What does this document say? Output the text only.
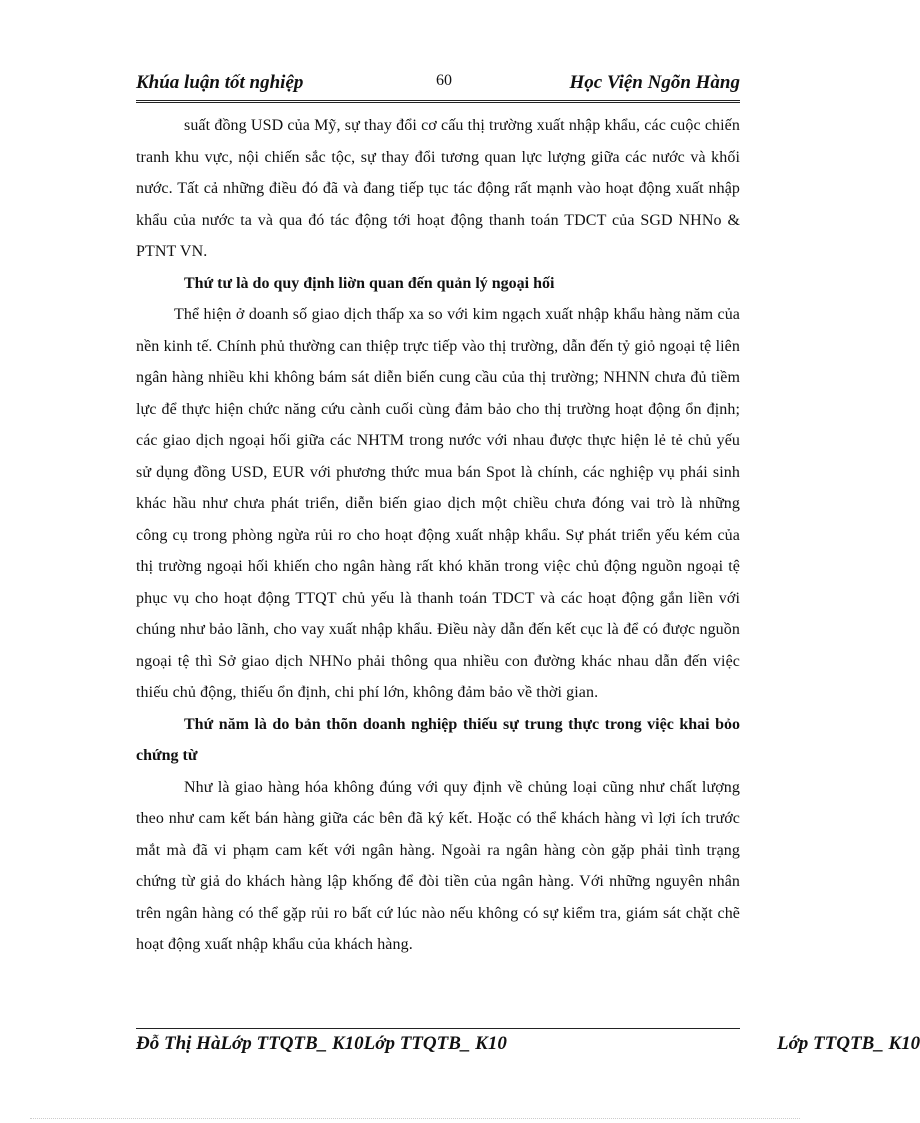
Khúa luận tốt nghiệp	60	Học Viện Ngõn Hàng

suất đồng USD của Mỹ, sự thay đổi cơ cấu thị trường xuất nhập khẩu, các cuộc chiến tranh khu vực, nội chiến sắc tộc, sự thay đổi tương quan lực lượng giữa các nước và khối nước. Tất cả những điều đó đã và đang tiếp tục tác động rất mạnh vào hoạt động xuất nhập khẩu của nước ta và qua đó tác động tới hoạt động thanh toán TDCT của SGD NHNo & PTNT VN.

Thứ tư là do quy định liờn quan đến quản lý ngoại hối

Thể hiện ở doanh số giao dịch thấp xa so với kim ngạch xuất nhập khẩu hàng năm của nền kinh tế. Chính phủ thường can thiệp trực tiếp vào thị trường, dẫn đến tỷ giỏ ngoại tệ liên ngân hàng nhiều khi không bám sát diễn biến cung cầu của thị trường; NHNN chưa đủ tiềm lực để thực hiện chức năng cứu cành cuối cùng đảm bảo cho thị trường hoạt động ổn định; các giao dịch ngoại hối giữa các NHTM trong nước với nhau được thực hiện lẻ tẻ chủ yếu sử dụng đồng USD, EUR với phương thức mua bán Spot là chính, các nghiệp vụ phái sinh khác hầu như chưa phát triển, diễn biến giao dịch một chiều chưa đóng vai trò là những công cụ trong phòng ngừa rủi ro cho hoạt động xuất nhập khẩu. Sự phát triển yếu kém của thị trường ngoại hối khiến cho ngân hàng rất khó khăn trong việc chủ động nguồn ngoại tệ phục vụ cho hoạt động TTQT chủ yếu là thanh toán TDCT và các hoạt động gắn liền với chúng như bảo lãnh, cho vay xuất nhập khẩu. Điều này dẫn đến kết cục là để có được nguồn ngoại tệ thì Sở giao dịch NHNo phải thông qua nhiều con đường khác nhau dẫn đến việc thiếu chủ động, thiếu ổn định, chi phí lớn, không đảm bảo về thời gian.

Thứ năm là do bản thõn doanh nghiệp thiếu sự trung thực trong việc khai bỏo chứng từ

Như là giao hàng hóa không đúng với quy định về chủng loại cũng như chất lượng theo như cam kết bán hàng giữa các bên đã ký kết. Hoặc có thể khách hàng vì lợi ích trước mắt mà đã vi phạm cam kết với ngân hàng. Ngoài ra ngân hàng còn gặp phải tình trạng chứng từ giả do khách hàng lập khống để đòi tiền của ngân hàng. Với những nguyên nhân trên ngân hàng có thể gặp rủi ro bất cứ lúc nào nếu không có sự kiểm tra, giám sát chặt chẽ hoạt động xuất nhập khẩu của khách hàng.

Đỗ Thị HàLớp TTQTB_ K10Lớp TTQTB_ K10	Lớp TTQTB_ K10
